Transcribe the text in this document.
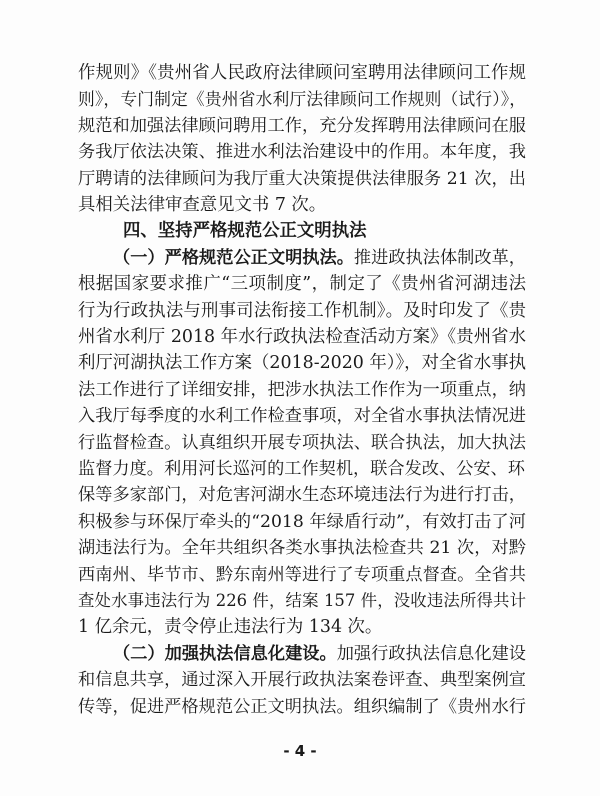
作规则》《贵州省人民政府法律顾问室聘用法律顾问工作规
则》，专门制定《贵州省水利厅法律顾问工作规则（试行）》，
规范和加强法律顾问聘用工作，充分发挥聘用法律顾问在服
务我厅依法决策、推进水利法治建设中的作用。本年度，我
厅聘请的法律顾问为我厅重大决策提供法律服务 21 次，出
具相关法律审查意见文书 7 次。
四、坚持严格规范公正文明执法
（一）严格规范公正文明执法。推进政执法体制改革，
根据国家要求推广“三项制度”，制定了《贵州省河湖违法
行为行政执法与刑事司法衔接工作机制》。及时印发了《贵
州省水利厅 2018 年水行政执法检查活动方案》《贵州省水
利厅河湖执法工作方案（2018-2020 年）》，对全省水事执
法工作进行了详细安排，把涉水执法工作作为一项重点，纳
入我厅每季度的水利工作检查事项，对全省水事执法情况进
行监督检查。认真组织开展专项执法、联合执法，加大执法
监督力度。利用河长巡河的工作契机，联合发改、公安、环
保等多家部门，对危害河湖水生态环境违法行为进行打击，
积极参与环保厅牵头的“2018 年绿盾行动”，有效打击了河
湖违法行为。全年共组织各类水事执法检查共 21 次，对黔
西南州、毕节市、黔东南州等进行了专项重点督查。全省共
查处水事违法行为 226 件，结案 157 件，没收违法所得共计
1 亿余元，责令停止违法行为 134 次。
（二）加强执法信息化建设。加强行政执法信息化建设
和信息共享，通过深入开展行政执法案卷评查、典型案例宣
传等，促进严格规范公正文明执法。组织编制了《贵州水行
- 4 -
